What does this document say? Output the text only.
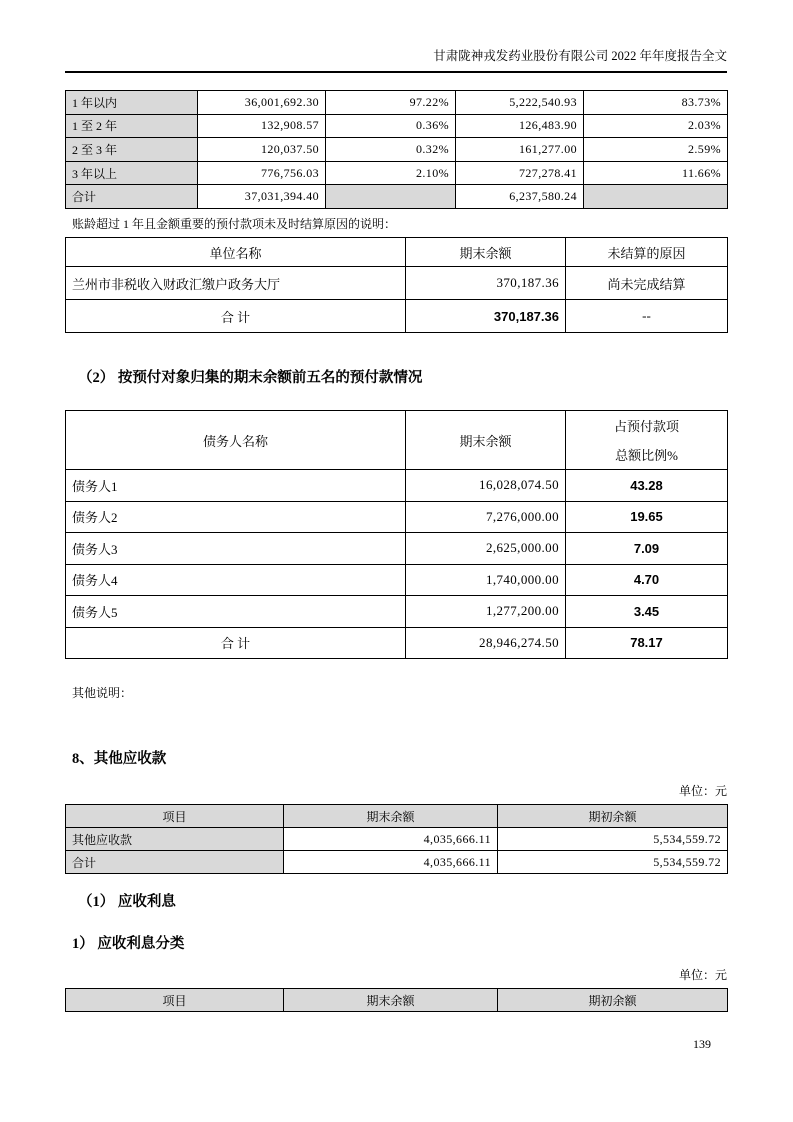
甘肃陇神戎发药业股份有限公司 2022 年年度报告全文
1 年以内	36,001,692.30	97.22%	5,222,540.93	83.73%
1 至 2 年	132,908.57	0.36%	126,483.90	2.03%
2 至 3 年	120,037.50	0.32%	161,277.00	2.59%
3 年以上	776,756.03	2.10%	727,278.41	11.66%
合计	37,031,394.40		6,237,580.24	
账龄超过 1 年且金额重要的预付款项未及时结算原因的说明：
单位名称	期末余额	未结算的原因
兰州市非税收入财政汇缴户政务大厅	370,187.36	尚未完成结算
合 计	370,187.36	--
（2） 按预付对象归集的期末余额前五名的预付款情况
债务人名称	期末余额	占预付款项
总额比例%

债务人1	16,028,074.50	43.28
债务人2	7,276,000.00	19.65
债务人3	2,625,000.00	7.09
债务人4	1,740,000.00	4.70
债务人5	1,277,200.00	3.45
合 计	28,946,274.50	78.17
其他说明：
8、其他应收款
单位：元
项目	期末余额	期初余额
其他应收款	4,035,666.11	5,534,559.72
合计	4,035,666.11	5,534,559.72
（1） 应收利息
1） 应收利息分类
单位：元
项目	期末余额	期初余额
139
